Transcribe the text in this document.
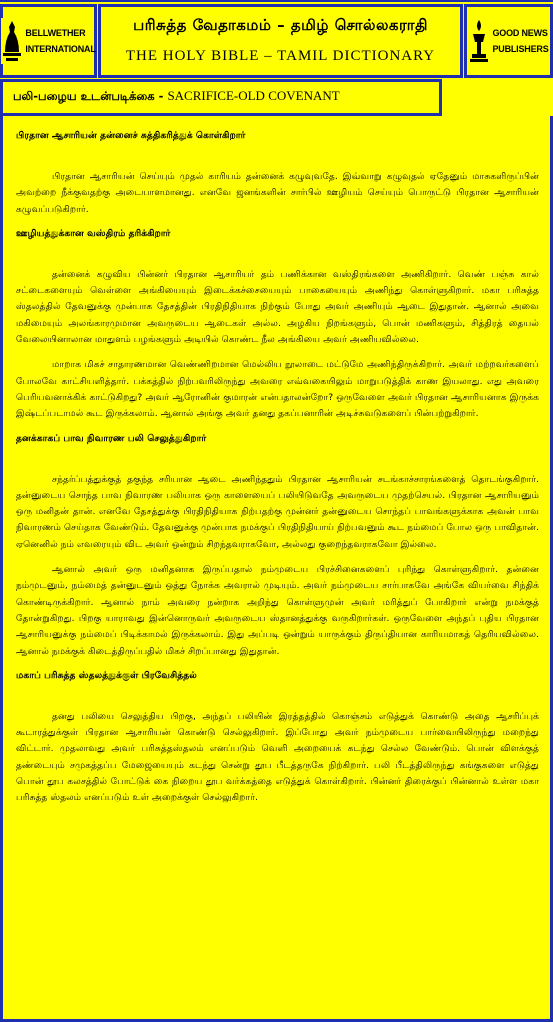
BELLWETHER
INTERNATIONAL
பரிசுத்த வேதாகமம் – தமிழ் சொல்லகராதி
THE HOLY BIBLE – TAMIL DICTIONARY
GOOD NEWS
PUBLISHERS
பலி-பழைய உடன்படிக்கை - SACRIFICE-OLD COVENANT
பிரதான ஆசாரியன் தன்னைச் சுத்திகரித்துக் கொள்கிறார்

பிரதான ஆசாரியன் செய்யும் முதல் காரியம் தன்னைக் கழுவுவதே. இவ்வாறு கழுவுதல் ஏதேனும் மாசுகளிருப்பின் அவற்றை நீக்குவதற்கு அடையாளமானது. எனவே ஜனங்களின் சார்பில் ஊழியம் செய்யும் பொருட்டு பிரதான ஆசாரியன் கழுவப்படுகிறார்.

ஊழியத்துக்கான வஸ்திரம் தரிக்கிறார்

தன்னைக் கழுவிய பின்னர் பிரதான ஆசாரியர் தம் பணிக்கான வஸ்திரங்களை அணிகிறார். வெண் பஞ்சு கால் சட்டைகளையும் வெள்ளை அங்கியையும் இடைக்கச்சையையும் பாகையையும் அணிந்து கொள்ளுகிறார். மகா பரிசுத்த ஸ்தலத்தில் தேவனுக்கு முன்பாக தேசத்தின் பிரதிநிதியாக நிற்கும் போது அவர் அணியும் ஆடை இதுதான். ஆனால் அவை மகிமையும் அலங்காரமுமான அவருடைய ஆடைகள் அல்ல. அழகிய நிறங்களும், பொன் மணிகளும், சித்திரத் தையல் வேலையினாலான மாதுளம் பழங்களும் அடியில் கொண்ட நீல அங்கியை அவர் அணியவில்லை.

மாறாக மிகச் சாதாரணமான வெண்ணிறமான மெல்லிய நூலாடை மட்டுமே அணிந்திருக்கிறார். அவர் மற்றவர்களைப் போலவே காட்சியளித்தார். பக்கத்தில் நிற்பவரிலிருந்து அவரை எவ்வகையிலும் மாறுபடுத்திக் காண இயலாது. எது அவரை பெரியவனாக்கிக் காட்டுகிறது? அவர் ஆரோனின் குமாரன் என்பதாலன்றோ? ஒருவேளை அவர் பிரதான ஆசாரியனாக இருக்க இஷ்டப்படாமல் கூட இருக்கலாம். ஆனால் அங்கு அவர் தனது தகப்பனாரின் அடிச்சுவடுகளைப் பின்பற்றுகிறார்.

தனக்காகப் பாவ நிவாரண பலி செலுத்துகிறார்

சந்தர்ப்பத்துக்குத் தகுந்த சரியான ஆடை அணிந்ததும் பிரதான ஆசாரியன் சடங்காச்சாரங்களைத் தொடங்குகிறார். தன்னுடைய சொந்த பாவ நிவாரண பலியாக ஒரு காளையைப் பலியிடுவதே அவருடைய முதற்செயல். பிரதான ஆசாரியனும் ஒரு மனிதன் தான். எனவே தேசத்துக்கு பிரதிநிதியாக நிற்பதற்கு முன்னர் தன்னுடைய சொந்தப் பாவங்களுக்காக அவன் பாவ நிவாரணம் செய்தாக வேண்டும். தேவனுக்கு முன்பாக நமக்குப் பிரதிநிதியாய் நிற்பவனும் கூட நம்மைப் போல ஒரு பாவிதான். ஏனெனில் நம் எவரையும் விட அவர் ஒன்றும் சிறந்தவராகவோ, அல்லது குறைந்தவராகவோ இல்லை.

ஆனால் அவர் ஒரு மனிதனாக இருப்பதால் நம்முடைய பிரச்சினைகளைப் புரிந்து கொள்ளுகிறார். தன்னை நம்முடனும், நம்மைத் தன்னுடனும் ஒத்து நோக்க அவரால் முடியும். அவர் நம்முடைய சார்பாகவே அங்கே வியர்வை சிந்திக் கொண்டிருக்கிறார். ஆனால் நாம் அவரை நன்றாக அறிந்து கொள்ளுமுன் அவர் மரித்துப் போகிறார் என்று நமக்குத் தோன்றுகிறது. பிறகு யாராவது இன்னொருவர் அவருடைய ஸ்தானத்துக்கு வருகிறார்கள். ஒருவேளை அந்தப் புதிய பிரதான ஆசாரியனுக்கு நம்மைப் பிடிக்காமல் இருக்கலாம். இது அப்படி ஒன்றும் யாருக்கும் திருப்தியான காரியமாகத் தெரியவில்லை. ஆனால் நமக்குக் கிடைத்திருப்பதில் மிகச் சிறப்பானது இதுதான்.

மகாப் பரிசுத்த ஸ்தலத்துக்குள் பிரவேசித்தல்

தனது பலியை செலுத்திய பிறகு, அந்தப் பலியின் இரத்தத்தில் கொஞ்சம் எடுத்துக் கொண்டு அதை ஆசரிப்புக் கூடாரத்துக்குள் பிரதான ஆசாரியன் கொண்டு செல்லுகிறார். இப்போது அவர் நம்முடைய பார்வையிலிருந்து மறைந்து விட்டார். முதலாவது அவர் பரிசுத்தஸ்தலம் எனப்படும் வெளி அறையைக் கடந்து செல்ல வேண்டும். பொன் விளக்குத் தண்டையும் சமுகத்தப்ப மேஜையையும் கடந்து சென்று தூப பீடத்தருகே நிற்கிறார். பலி பீடத்திலிருந்து கங்குகளை எடுத்து பொன் தூப கலசத்தில் போட்டுக் கை நிறைய தூப வர்க்கத்தை எடுத்துக் கொள்கிறார். பின்னர் திரைக்குப் பின்னால் உள்ள மகா பரிசுத்த ஸ்தலம் எனப்படும் உள் அறைக்குள் செல்லுகிறார்.
